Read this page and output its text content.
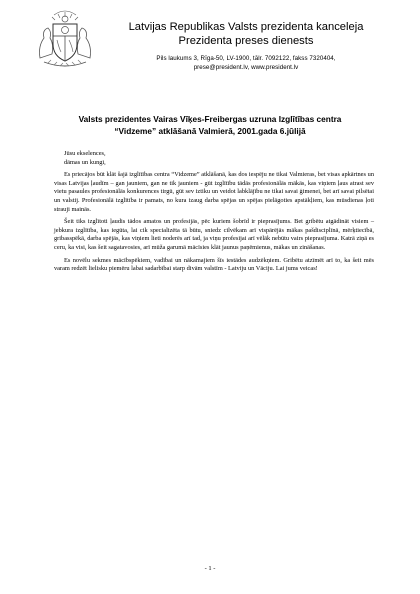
Latvijas Republikas Valsts prezidenta kanceleja
Prezidenta preses dienests
Pils laukums 3, Rīga-50, LV-1900, tālr. 7092122, fakss 7320404,
prese@president.lv, www.president.lv
Valsts prezidentes Vairas Vīķes-Freibergas uzruna Izglītības centra
“Vidzeme” atklāšanā Valmierā, 2001.gada 6.jūlijā

Jūsu ekselences,

dāmas un kungi,

Es priecājos būt klāt šajā izglītības centra “Vidzeme” atklāšanā, kas dos iespēju ne tikai Valmieras, bet visas apkārtnes un visas Latvijas ļaudīm – gan jauniem, gan ne tik jauniem - gūt izglītību tādās profesionālās mākās, kas viņiem ļaus atrast sev vietu pasaules profesionālās konkurences tirgū, gūt sev iztiku un veidot labklājību ne tikai savai ģimenei, bet arī savai pilsētai un valstij. Profesionālā izglītība ir pamats, no kura izaug darba spējas un spējas pielāgoties apstākļiem, kas mūsdienas ļoti strauji mainās.

Šeit tiks izglītoti ļaudis tādos amatos un profesijās, pēc kuriem šobrīd ir pieprasījums. Bet gribētu atgādināt visiem – jebkura izglītība, kas iegūta, lai cik specializēta tā būtu, sniedz cilvēkam arī vispārējās mākas pašdisciplīnā, mērķtiecībā, gribasspēkā, darba spējās, kas viņiem lieti noderēs arī tad, ja viņu profesijai arī vēlāk nebūtu vairs pieprasījuma. Katrā ziņā es ceru, ka visi, kas šeit sagatavosies, arī mūža garumā mācīsies klāt jaunus paņēmienus, mākas un zināšanas.

Es novēlu sekmes mācībspēkiem, vadībai un nākamajiem šīs iestādes audzēkņiem. Gribētu atzīmēt arī to, ka šeit mēs varam redzēt lielisku piemēru labai sadarbībai starp divām valstīm - Latviju un Vāciju. Lai jums veicas!

- 1 -
